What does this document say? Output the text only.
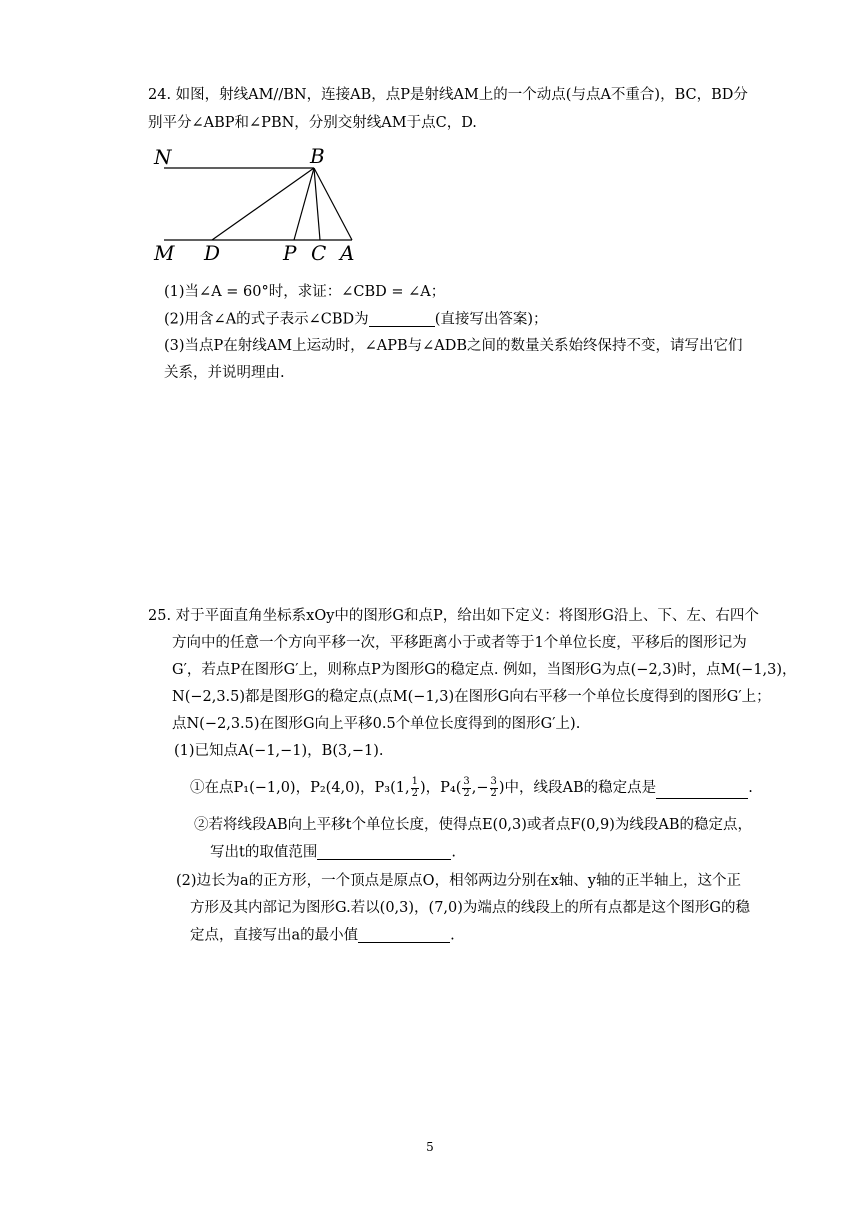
24. 如图，射线AM//BN，连接AB，点P是射线AM上的一个动点(与点A不重合)，BC，BD分
别平分∠ABP和∠PBN，分别交射线AM于点C，D.
N	B
M D	P C A
(1)当∠A = 60°时，求证：∠CBD = ∠A；
(2)用含∠A的式子表示∠CBD为	(直接写出答案)；
(3)当点P在射线AM上运动时，∠APB与∠ADB之间的数量关系始终保持不变，请写出它们
关系，并说明理由.
25. 对于平面直角坐标系xOy中的图形G和点P，给出如下定义：将图形G沿上、下、左、右四个
方向中的任意一个方向平移一次，平移距离小于或者等于1个单位长度，平移后的图形记为
G′，若点P在图形G′上，则称点P为图形G的稳定点. 例如，当图形G为点(−2,3)时，点M(−1,3)，
N(−2,3.5)都是图形G的稳定点(点M(−1,3)在图形G向右平移一个单位长度得到的图形G′上；
点N(−2,3.5)在图形G向上平移0.5个单位长度得到的图形G′上).
(1)已知点A(−1,−1)，B(3,−1).
①在点P₁(−1,0)，P₂(4,0)，P₃(1, $\frac{1}{2}$ )，$P_4( \frac{3}{2}$ ,− $\frac{3}{2}$ )中，线段AB的稳定点是	.
②若将线段AB向上平移t个单位长度，使得点E(0,3)或者点F(0,9)为线段AB的稳定点，
写出t的取值范围	.
(2)边长为a的正方形，一个顶点是原点O，相邻两边分别在x轴、y轴的正半轴上，这个正
方形及其内部记为图形G.若以(0,3)，(7,0)为端点的线段上的所有点都是这个图形G的稳
定点，直接写出a的最小值	.
5
